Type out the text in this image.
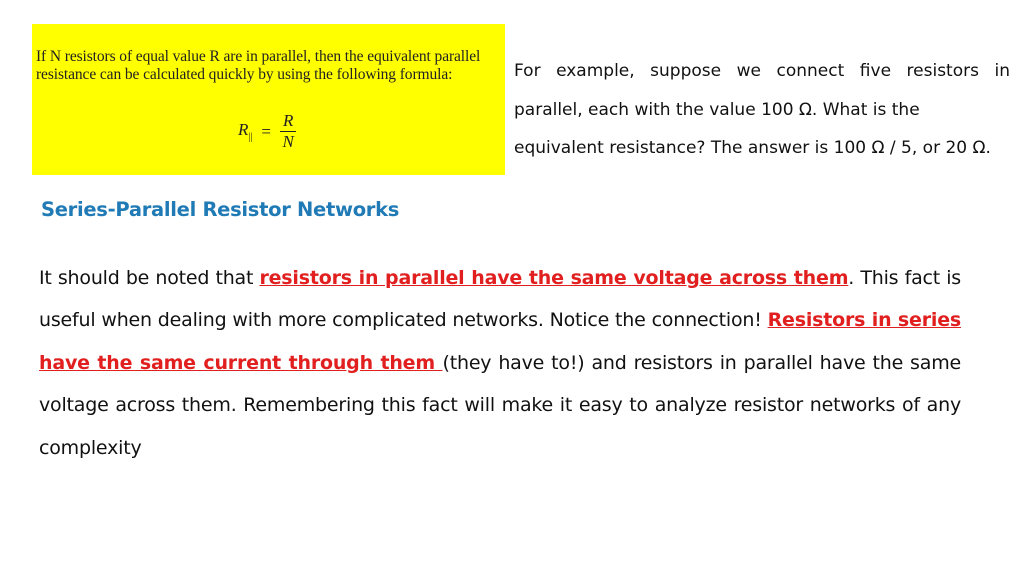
If N resistors of equal value R are in parallel, then the equivalent parallel resistance can be calculated quickly by using the following formula:
$R_{||} = \frac{R}{N}$
For example, suppose we connect five resistors in
parallel, each with the value 100 Ω. What is the
equivalent resistance? The answer is 100 Ω / 5, or 20 Ω.
Series-Parallel Resistor Networks
It should be noted that resistors in parallel have the same voltage across them. This fact is
useful when dealing with more complicated networks. Notice the connection! Resistors in series
have the same current through them (they have to!) and resistors in parallel have the same
voltage across them. Remembering this fact will make it easy to analyze resistor networks of any
complexity
